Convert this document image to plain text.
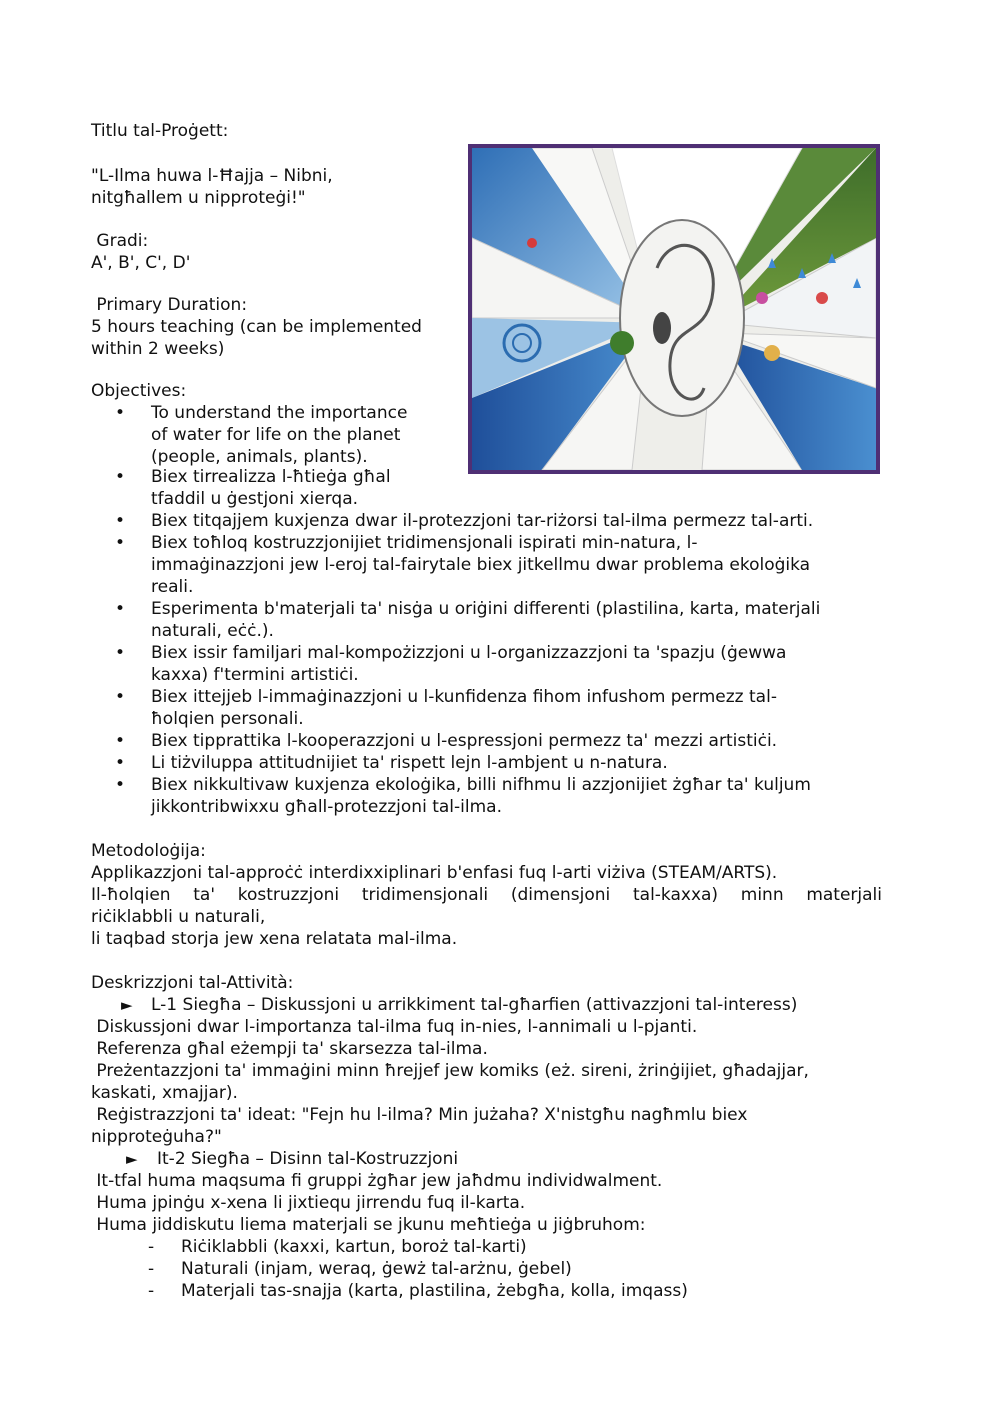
Titlu tal-Proġett:
"L-Ilma huwa l-Ħajja – Nibni,
nitgħallem u nipproteġi!"
Gradi:
A', B', C', D'
Primary Duration:
5 hours teaching (can be implemented
within 2 weeks)
Objectives:
• To understand the importance
of water for life on the planet
(people, animals, plants).
• Biex tirrealizza l-ħtieġa għal
tfaddil u ġestjoni xierqa.
• Biex titqajjem kuxjenza dwar il-protezzjoni tar-riżorsi tal-ilma permezz tal-arti.
• Biex toħloq kostruzzjonijiet tridimensjonali ispirati min-natura, l-
immaġinazzjoni jew l-eroj tal-fairytale biex jitkellmu dwar problema ekoloġika
reali.
• Esperimenta b'materjali ta' nisġa u oriġini differenti (plastilina, karta, materjali
naturali, eċċ.).
• Biex issir familjari mal-kompożizzjoni u l-organizzazzjoni ta 'spazju (ġewwa
kaxxa) f'termini artistiċi.
• Biex ittejjeb l-immaġinazzjoni u l-kunfidenza fihom infushom permezz tal-
ħolqien personali.
• Biex tipprattika l-kooperazzjoni u l-espressjoni permezz ta' mezzi artistiċi.
• Li tiżviluppa attitudnijiet ta' rispett lejn l-ambjent u n-natura.
• Biex nikkultivaw kuxjenza ekoloġika, billi nifhmu li azzjonijiet żgħar ta' kuljum
jikkontribwixxu għall-protezzjoni tal-ilma.
Metodoloġija:
Applikazzjoni tal-approċċ interdixxiplinari b'enfasi fuq l-arti viżiva (STEAM/ARTS).
Il-ħolqien ta' kostruzzjoni tridimensjonali (dimensjoni tal-kaxxa) minn materjali
riċiklabbli u naturali,
li taqbad storja jew xena relatata mal-ilma.
Deskrizzjoni tal-Attività:
► L-1 Siegħa – Diskussjoni u arrikkiment tal-għarfien (attivazzjoni tal-interess)
Diskussjoni dwar l-importanza tal-ilma fuq in-nies, l-annimali u l-pjanti.
Referenza għal eżempji ta' skarsezza tal-ilma.
Preżentazzjoni ta' immaġini minn ħrejjef jew komiks (eż. sireni, żrinġijiet, għadajjar,
kaskati, xmajjar).
Reġistrazzjoni ta' ideat: "Fejn hu l-ilma? Min jużaha? X'nistgħu nagħmlu biex
nipproteġuha?"
► It-2 Siegħa – Disinn tal-Kostruzzjoni
It-tfal huma maqsuma fi gruppi żgħar jew jaħdmu individwalment.
Huma jpinġu x-xena li jixtiequ jirrendu fuq il-karta.
Huma jiddiskutu liema materjali se jkunu meħtieġa u jiġbruhom:
- Riċiklabbli (kaxxi, kartun, boroż tal-karti)
- Naturali (injam, weraq, ġewż tal-arżnu, ġebel)
- Materjali tas-snajja (karta, plastilina, żebgħa, kolla, imqass)
